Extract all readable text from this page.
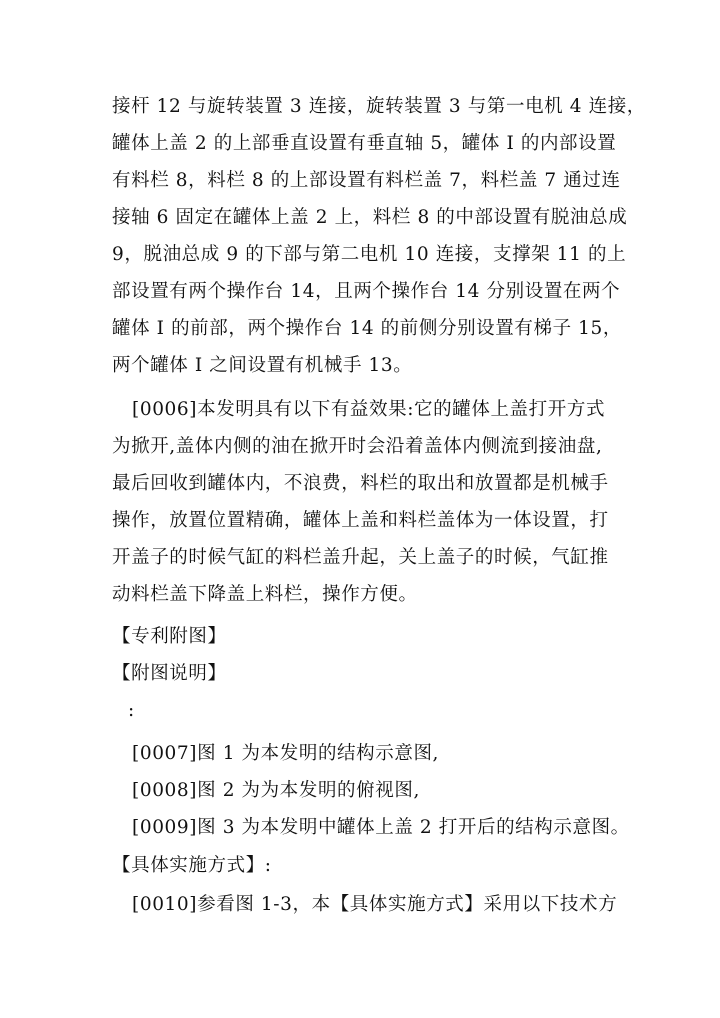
接杆 12 与旋转装置 3 连接，旋转装置 3 与第一电机 4 连接，
罐体上盖 2 的上部垂直设置有垂直轴 5，罐体 I 的内部设置
有料栏 8，料栏 8 的上部设置有料栏盖 7，料栏盖 7 通过连
接轴 6 固定在罐体上盖 2 上，料栏 8 的中部设置有脱油总成
9，脱油总成 9 的下部与第二电机 10 连接，支撑架 11 的上
部设置有两个操作台 14，且两个操作台 14 分别设置在两个
罐体 I 的前部，两个操作台 14 的前侧分别设置有梯子 15，
两个罐体 I 之间设置有机械手 13。
[0006]本发明具有以下有益效果:它的罐体上盖打开方式
为掀开,盖体内侧的油在掀开时会沿着盖体内侧流到接油盘,
最后回收到罐体内，不浪费，料栏的取出和放置都是机械手
操作，放置位置精确，罐体上盖和料栏盖体为一体设置，打
开盖子的时候气缸的料栏盖升起，关上盖子的时候，气缸推
动料栏盖下降盖上料栏，操作方便。
【专利附图】
【附图说明】
:
[0007]图 1 为本发明的结构示意图,
[0008]图 2 为为本发明的俯视图,
[0009]图 3 为本发明中罐体上盖 2 打开后的结构示意图。
【具体实施方式】:
[0010]参看图 1-3，本【具体实施方式】采用以下技术方
